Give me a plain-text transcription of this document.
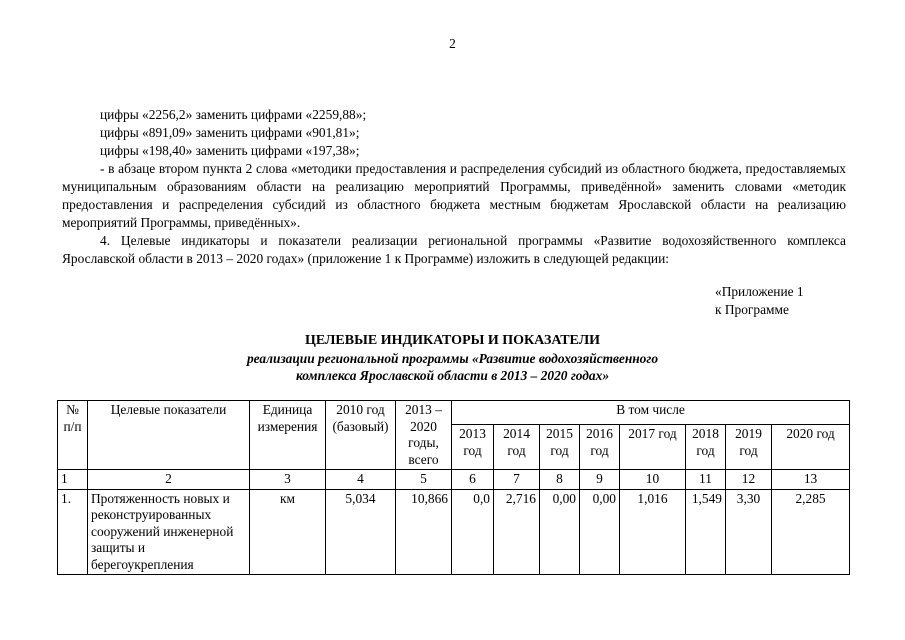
2

цифры «2256,2» заменить цифрами «2259,88»;
цифры «891,09» заменить цифрами «901,81»;
цифры «198,40» заменить цифрами «197,38»;

- в абзаце втором пункта 2 слова «методики предоставления и распределения субсидий из областного бюджета, предоставляемых муниципальным образованиям области на реализацию мероприятий Программы, приведённой» заменить словами «методик предоставления и распределения субсидий из областного бюджета местным бюджетам Ярославской области на реализацию мероприятий Программы, приведённых».

4. Целевые индикаторы и показатели реализации региональной программы «Развитие водохозяйственного комплекса Ярославской области в 2013 – 2020 годах» (приложение 1 к Программе) изложить в следующей редакции:

«Приложение 1
к Программе
ЦЕЛЕВЫЕ ИНДИКАТОРЫ И ПОКАЗАТЕЛИ
реализации региональной программы «Развитие водохозяйственного
комплекса Ярославской области в 2013 – 2020 годах»
№ п/п	Целевые показатели	Единица измерения	2010 год (базовый)	2013 – 2020 годы, всего	В том числе							
					2013 год	2014 год	2015 год	2016 год	2017 год	2018 год	2019 год	2020 год
1	2	3	4	5	6	7	8	9	10	11	12	13
1.	Протяженность новых и реконструированных сооружений инженерной защиты и берегоукрепления	км	5,034	10,866	0,0	2,716	0,00	0,00	1,016	1,549	3,30	2,285
